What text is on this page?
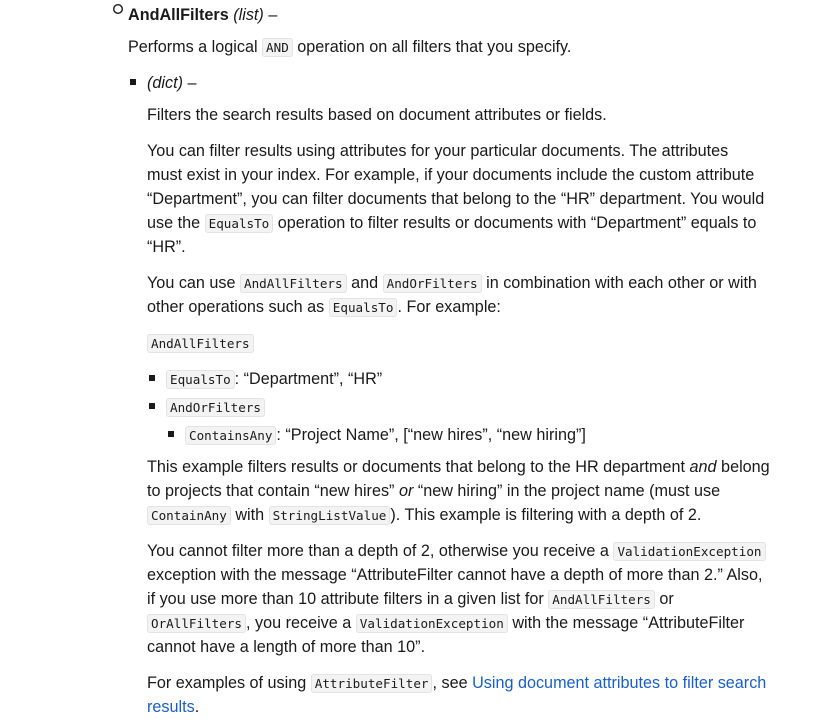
AndAllFilters (list) –
Performs a logical AND operation on all filters that you specify.
(dict) –
Filters the search results based on document attributes or fields.
You can filter results using attributes for your particular documents. The attributes
must exist in your index. For example, if your documents include the custom attribute
“Department”, you can filter documents that belong to the “HR” department. You would
use the EqualsTo operation to filter results or documents with “Department” equals to
“HR”.
You can use AndAllFilters and AndOrFilters in combination with each other or with
other operations such as EqualsTo . For example:
AndAllFilters
EqualsTo : “Department”, “HR”
AndOrFilters
ContainsAny : “Project Name”, [“new hires”, “new hiring”]
This example filters results or documents that belong to the HR department and belong
to projects that contain “new hires” or “new hiring” in the project name (must use
ContainAny with StringListValue ). This example is filtering with a depth of 2.
You cannot filter more than a depth of 2, otherwise you receive a ValidationException
exception with the message “AttributeFilter cannot have a depth of more than 2.” Also,
if you use more than 10 attribute filters in a given list for AndAllFilters or
OrAllFilters , you receive a ValidationException with the message “AttributeFilter
cannot have a length of more than 10”.
For examples of using AttributeFilter , see Using document attributes to filter search
results.
